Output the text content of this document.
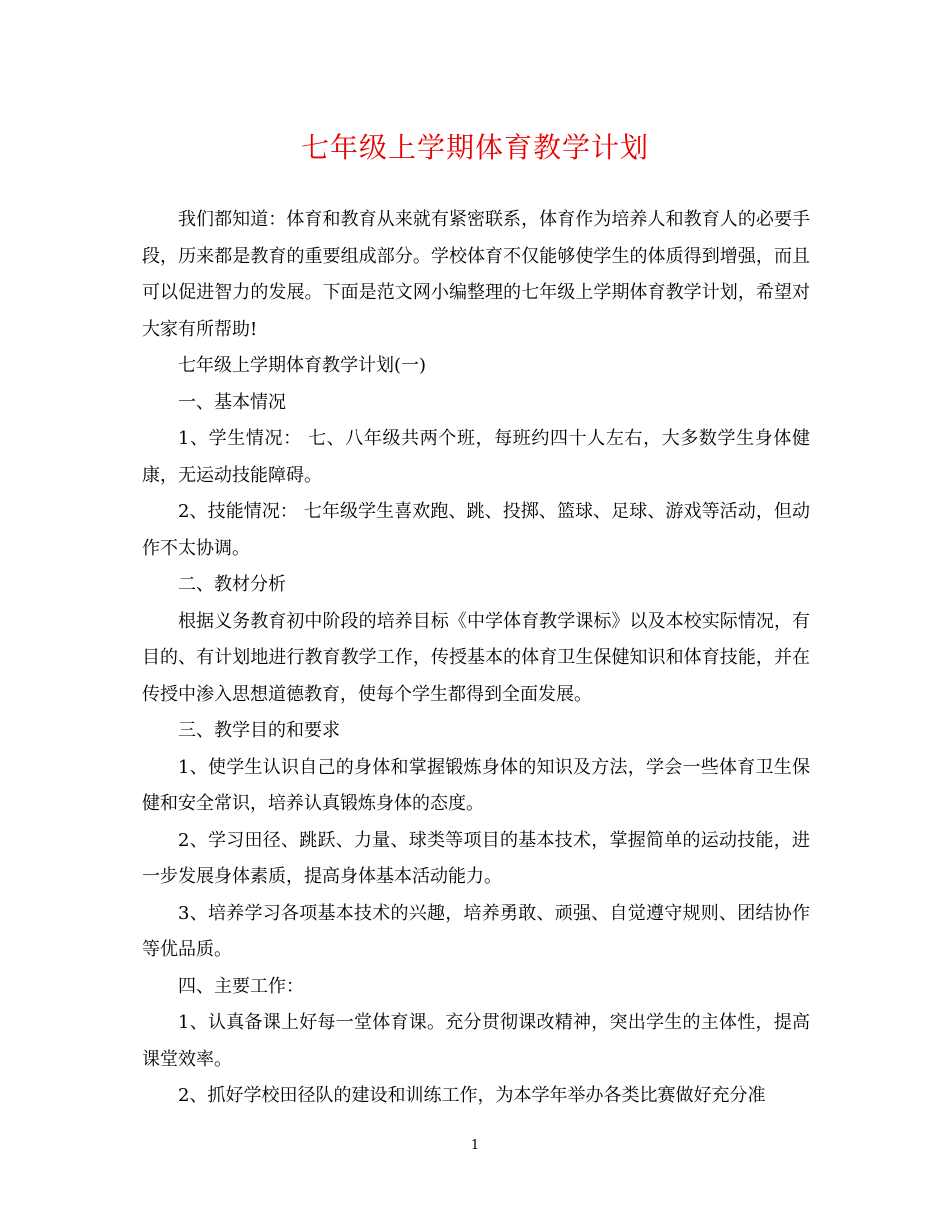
七年级上学期体育教学计划

我们都知道：体育和教育从来就有紧密联系，体育作为培养人和教育人的必要手段，历来都是教育的重要组成部分。学校体育不仅能够使学生的体质得到增强，而且可以促进智力的发展。下面是范文网小编整理的七年级上学期体育教学计划，希望对大家有所帮助!

七年级上学期体育教学计划(一)

一、基本情况

1、学生情况： 七、八年级共两个班，每班约四十人左右，大多数学生身体健康，无运动技能障碍。

2、技能情况： 七年级学生喜欢跑、跳、投掷、篮球、足球、游戏等活动，但动作不太协调。

二、教材分析

根据义务教育初中阶段的培养目标《中学体育教学课标》以及本校实际情况，有目的、有计划地进行教育教学工作，传授基本的体育卫生保健知识和体育技能，并在传授中渗入思想道德教育，使每个学生都得到全面发展。

三、教学目的和要求

1、使学生认识自己的身体和掌握锻炼身体的知识及方法，学会一些体育卫生保健和安全常识，培养认真锻炼身体的态度。

2、学习田径、跳跃、力量、球类等项目的基本技术，掌握简单的运动技能，进一步发展身体素质，提高身体基本活动能力。

3、培养学习各项基本技术的兴趣，培养勇敢、顽强、自觉遵守规则、团结协作等优品质。

四、主要工作：

1、认真备课上好每一堂体育课。充分贯彻课改精神，突出学生的主体性，提高课堂效率。

2、抓好学校田径队的建设和训练工作，为本学年举办各类比赛做好充分准

1
